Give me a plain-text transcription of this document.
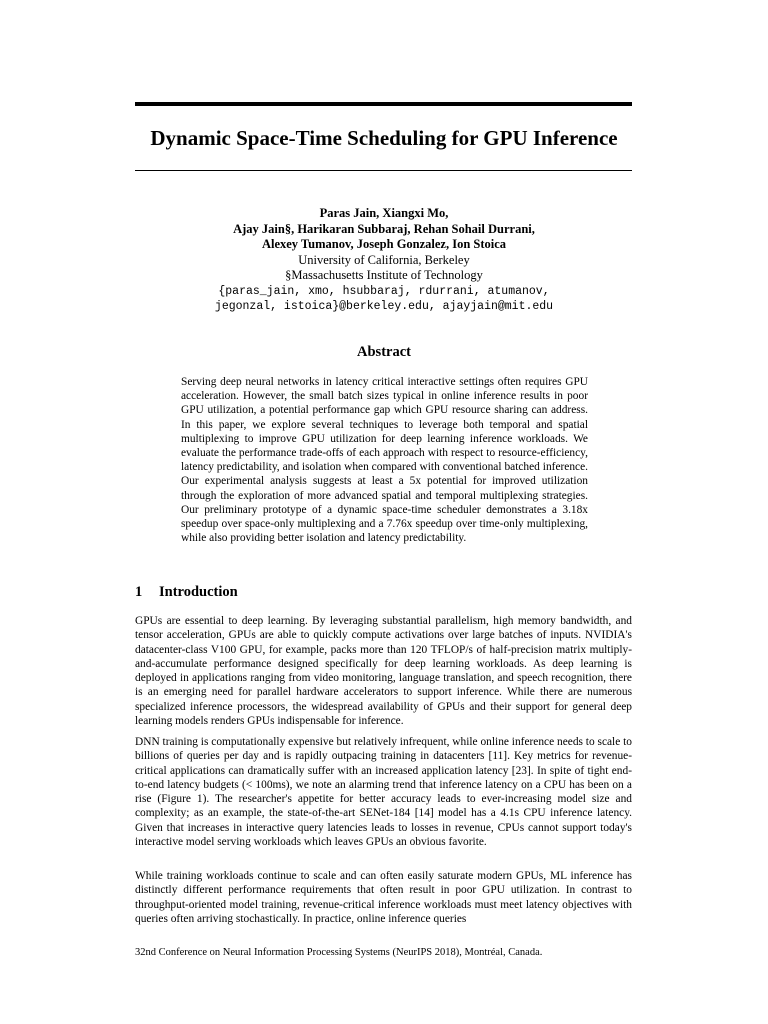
Dynamic Space-Time Scheduling for GPU Inference
Paras Jain, Xiangxi Mo,
Ajay Jain§, Harikaran Subbaraj, Rehan Sohail Durrani,
Alexey Tumanov, Joseph Gonzalez, Ion Stoica
University of California, Berkeley
§Massachusetts Institute of Technology
{paras_jain, xmo, hsubbaraj, rdurrani, atumanov,
jegonzal, istoica}@berkeley.edu, ajayjain@mit.edu
Abstract
Serving deep neural networks in latency critical interactive settings often requires GPU acceleration. However, the small batch sizes typical in online inference results in poor GPU utilization, a potential performance gap which GPU resource sharing can address. In this paper, we explore several techniques to leverage both temporal and spatial multiplexing to improve GPU utilization for deep learning inference workloads. We evaluate the performance trade-offs of each approach with respect to resource-efficiency, latency predictability, and isolation when compared with conventional batched inference. Our experimental analysis suggests at least a 5x potential for improved utilization through the exploration of more advanced spatial and temporal multiplexing strategies. Our preliminary prototype of a dynamic space-time scheduler demonstrates a 3.18x speedup over space-only multiplexing and a 7.76x speedup over time-only multiplexing, while also providing better isolation and latency predictability.
1 Introduction
GPUs are essential to deep learning. By leveraging substantial parallelism, high memory bandwidth, and tensor acceleration, GPUs are able to quickly compute activations over large batches of inputs. NVIDIA's datacenter-class V100 GPU, for example, packs more than 120 TFLOP/s of half-precision matrix multiply-and-accumulate performance designed specifically for deep learning workloads. As deep learning is deployed in applications ranging from video monitoring, language translation, and speech recognition, there is an emerging need for parallel hardware accelerators to support inference. While there are numerous specialized inference processors, the widespread availability of GPUs and their support for general deep learning models renders GPUs indispensable for inference.
DNN training is computationally expensive but relatively infrequent, while online inference needs to scale to billions of queries per day and is rapidly outpacing training in datacenters [11]. Key metrics for revenue-critical applications can dramatically suffer with an increased application latency [23]. In spite of tight end-to-end latency budgets (< 100ms), we note an alarming trend that inference latency on a CPU has been on a rise (Figure 1). The researcher's appetite for better accuracy leads to ever-increasing model size and complexity; as an example, the state-of-the-art SENet-184 [14] model has a 4.1s CPU inference latency. Given that increases in interactive query latencies leads to losses in revenue, CPUs cannot support today's interactive model serving workloads which leaves GPUs an obvious favorite.
While training workloads continue to scale and can often easily saturate modern GPUs, ML inference has distinctly different performance requirements that often result in poor GPU utilization. In contrast to throughput-oriented model training, revenue-critical inference workloads must meet latency objectives with queries often arriving stochastically. In practice, online inference queries
32nd Conference on Neural Information Processing Systems (NeurIPS 2018), Montréal, Canada.
